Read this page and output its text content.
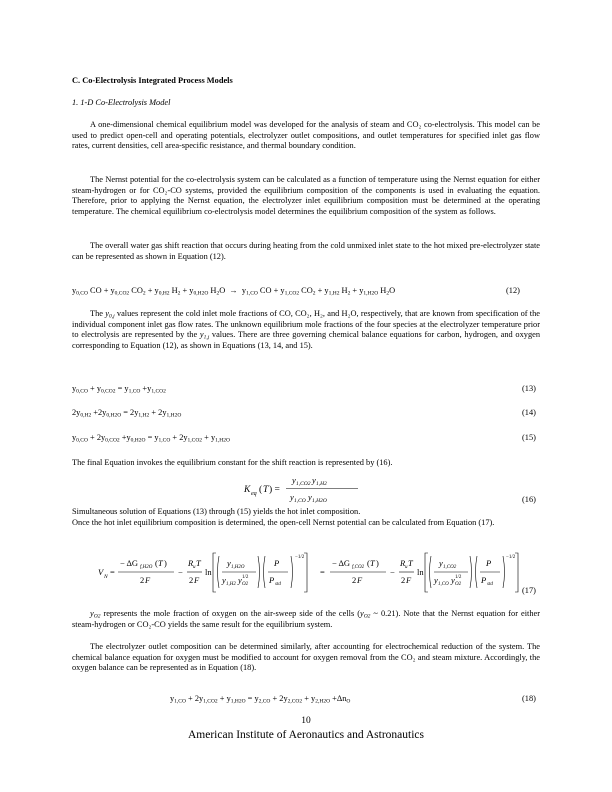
C. Co-Electrolysis Integrated Process Models
1. 1-D Co-Electrolysis Model
A one-dimensional chemical equilibrium model was developed for the analysis of steam and CO₂ co-electrolysis. This model can be used to predict open-cell and operating potentials, electrolyzer outlet compositions, and outlet temperatures for specified inlet gas flow rates, current densities, cell area-specific resistance, and thermal boundary condition.
The Nernst potential for the co-electrolysis system can be calculated as a function of temperature using the Nernst equation for either steam-hydrogen or for CO₂-CO systems, provided the equilibrium composition of the components is used in evaluating the equation. Therefore, prior to applying the Nernst equation, the electrolyzer inlet equilibrium composition must be determined at the operating temperature. The chemical equilibrium co-electrolysis model determines the equilibrium composition of the system as follows.
The overall water gas shift reaction that occurs during heating from the cold unmixed inlet state to the hot mixed pre-electrolyzer state can be represented as shown in Equation (12).
$y_{0,CO}$ CO + $y_{0,CO2}$ $CO_2 + y_{0,H2}$ $H_2 + y_{0,H2O}$ $H_2O \to y_{1,CO}$ CO + $y_{1,CO2}$ $CO_2 + y_{1,H2}$ $H_2 + y_{1,H2O}$ $H_2O$	(12)
The $y_{0,j}$ values represent the cold inlet mole fractions of CO, CO₂, H₂, and H₂O, respectively, that are known from specification of the individual component inlet gas flow rates. The unknown equilibrium mole fractions of the four species at the electrolyzer temperature prior to electrolysis are represented by the $y_{1,j}$ values. There are three governing chemical balance equations for carbon, hydrogen, and oxygen corresponding to Equation (12), as shown in Equations (13, 14, and 15).
$y_{0,CO} + y_{0,CO2} = y_{1,CO} +y_{1,CO2}$	(13)
$2y_{0,H2} +2y_{0,H2O} = 2y_{1,H2} + 2y_{1,H2O}$	(14)
$y_{0,CO} + 2y_{0,CO2} +y_{0,H2O} = y_{1,CO} + 2y_{1,CO2} + y_{1,H2O}$	(15)
The final Equation invokes the equilibrium constant for the shift reaction is represented by (16).
K eq ( T ) =
y 1,CO2 y 1,H2
y 1,CO y 1,H2O	(16)
Simultaneous solution of Equations (13) through (15) yields the hot inlet composition.
Once the hot inlet equilibrium composition is determined, the open-cell Nernst potential can be calculated from Equation (17).
V N =
− ΔG f,H2O ( T )
2 F
−
R u T
2 F
ln
y 1,H2O
y 1,H2 y O2
1/2
P
P std
−1/2
=
− ΔG f,CO2 ( T )
2 F
−
R u T
2 F
ln
y 1,CO2
y 1,CO y O2
1/2
P
P std
−1/2
(17)
$y_{O2}$ represents the mole fraction of oxygen on the air-sweep side of the cells ($y_{O2}$ ~ 0.21). Note that the Nernst equation for either steam-hydrogen or CO₂-CO yields the same result for the equilibrium system.
The electrolyzer outlet composition can be determined similarly, after accounting for electrochemical reduction of the system. The chemical balance equation for oxygen must be modified to account for oxygen removal from the CO₂ and steam mixture. Accordingly, the oxygen balance can be represented as in Equation (18).
$y_{1,CO} + 2y_{1,CO2} + y_{1,H2O} = y_{2,CO} + 2y_{2,CO2} + y_{2,H2O} +\Delta n_O$	(18)
10
American Institute of Aeronautics and Astronautics
